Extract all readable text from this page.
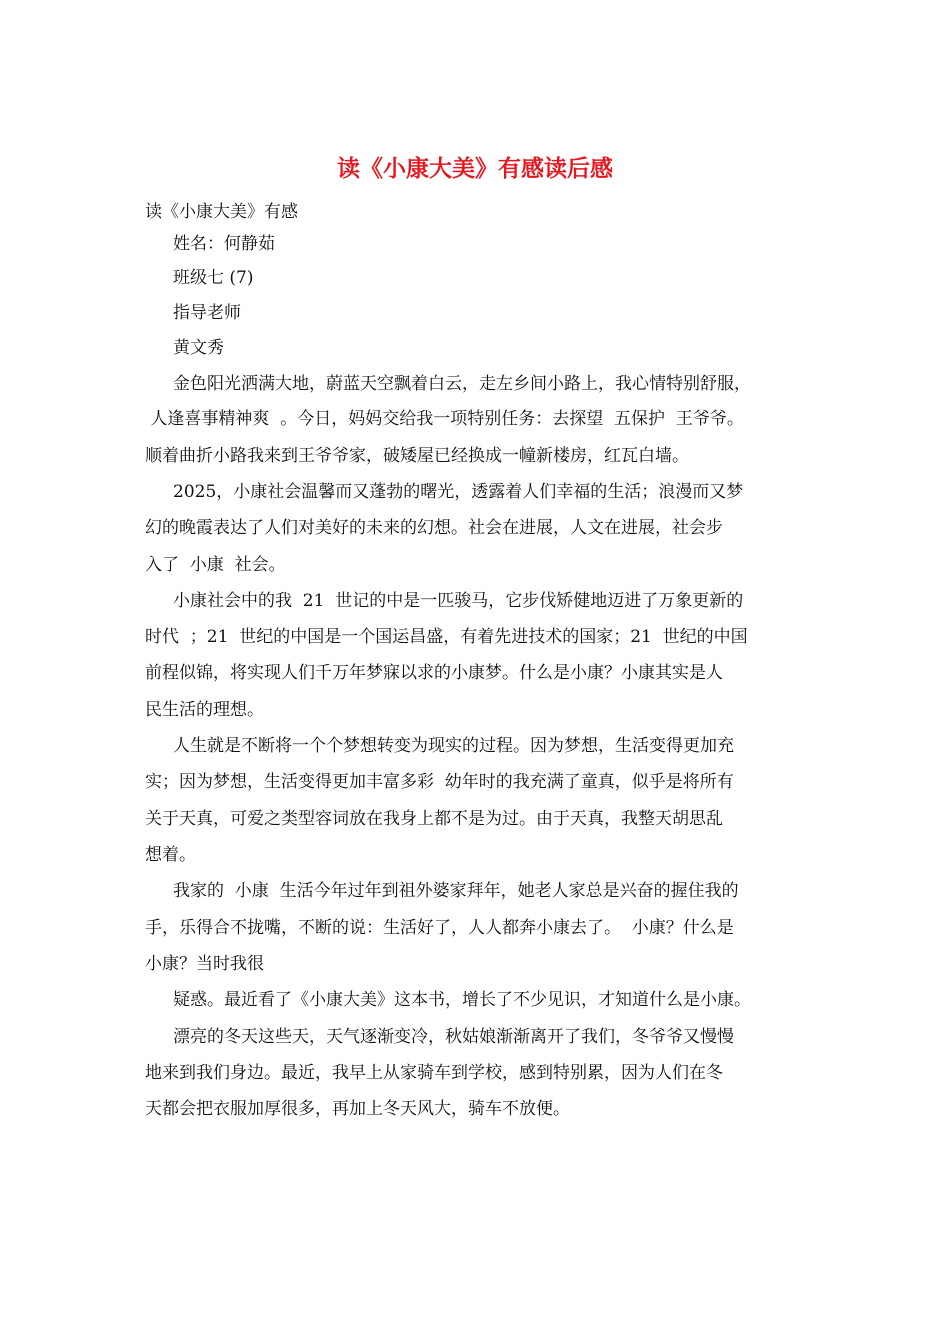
读《小康大美》有感读后感

读《小康大美》有感

姓名：何静茹

班级七 (7)

指导老师

黄文秀

金色阳光洒满大地，蔚蓝天空飘着白云，走左乡间小路上，我心情特别舒服，

人逢喜事精神爽  。今日，妈妈交给我一项特别任务：去探望  五保护  王爷爷。

顺着曲折小路我来到王爷爷家，破矮屋已经换成一幢新楼房，红瓦白墙。

2025，小康社会温馨而又蓬勃的曙光，透露着人们幸福的生活；浪漫而又梦

幻的晚霞表达了人们对美好的未来的幻想。社会在进展，人文在进展，社会步

入了  小康  社会。

小康社会中的我  21  世记的中是一匹骏马，它步伐矫健地迈进了万象更新的

时代  ；21  世纪的中国是一个国运昌盛，有着先进技术的国家；21  世纪的中国

前程似锦，将实现人们千万年梦寐以求的小康梦。什么是小康？小康其实是人

民生活的理想。

人生就是不断将一个个梦想转变为现实的过程。因为梦想，生活变得更加充

实；因为梦想，生活变得更加丰富多彩  幼年时的我充满了童真，似乎是将所有

关于天真，可爱之类型容词放在我身上都不是为过。由于天真，我整天胡思乱

想着。

我家的  小康  生活今年过年到祖外婆家拜年，她老人家总是兴奋的握住我的

手，乐得合不拢嘴，不断的说：生活好了，人人都奔小康去了。  小康？什么是

小康？当时我很

疑惑。最近看了《小康大美》这本书，增长了不少见识，才知道什么是小康。

漂亮的冬天这些天，天气逐渐变冷，秋姑娘渐渐离开了我们，冬爷爷又慢慢

地来到我们身边。最近，我早上从家骑车到学校，感到特别累，因为人们在冬

天都会把衣服加厚很多，再加上冬天风大，骑车不放便。
